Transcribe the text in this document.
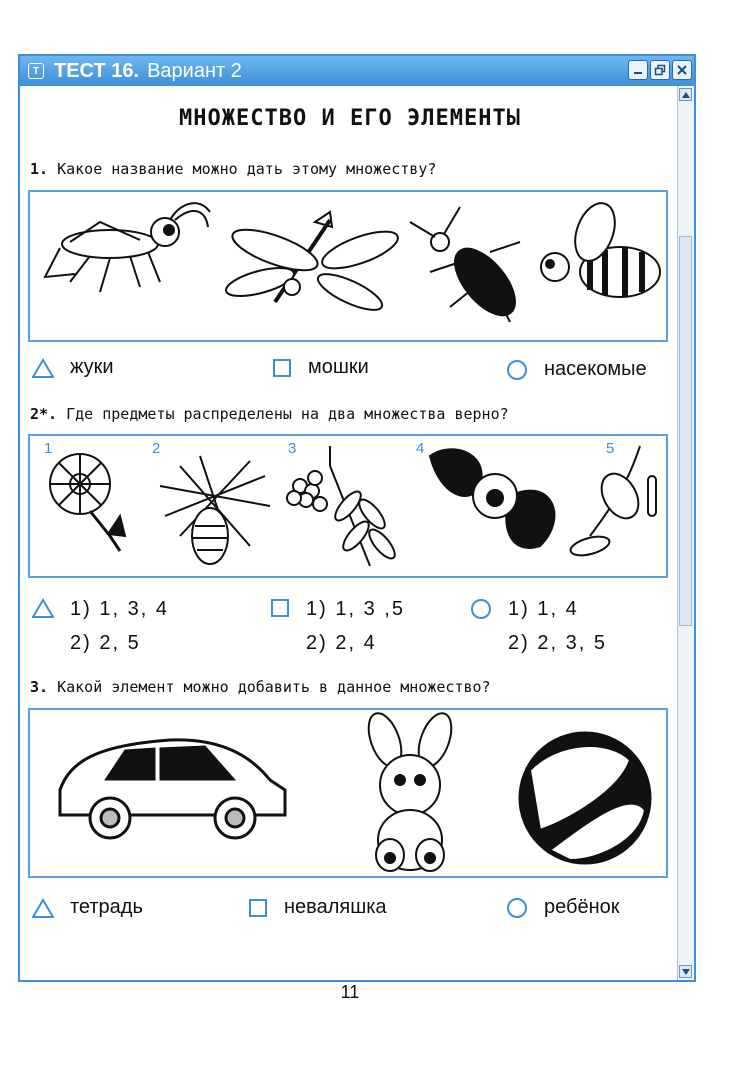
Т ТЕСТ 16. Вариант 2
МНОЖЕСТВО И ЕГО ЭЛЕМЕНТЫ
1. Какое название можно дать этому множеству?
жуки	мошки	насекомые
2*. Где предметы распределены на два множества верно?
1	2	3	4	5
1) 1, 3, 4
2) 2, 5
1) 1, 3 ,5
2) 2, 4
1) 1, 4
2) 2, 3, 5
3. Какой элемент можно добавить в данное множество?
тетрадь	неваляшка	ребёнок
11
